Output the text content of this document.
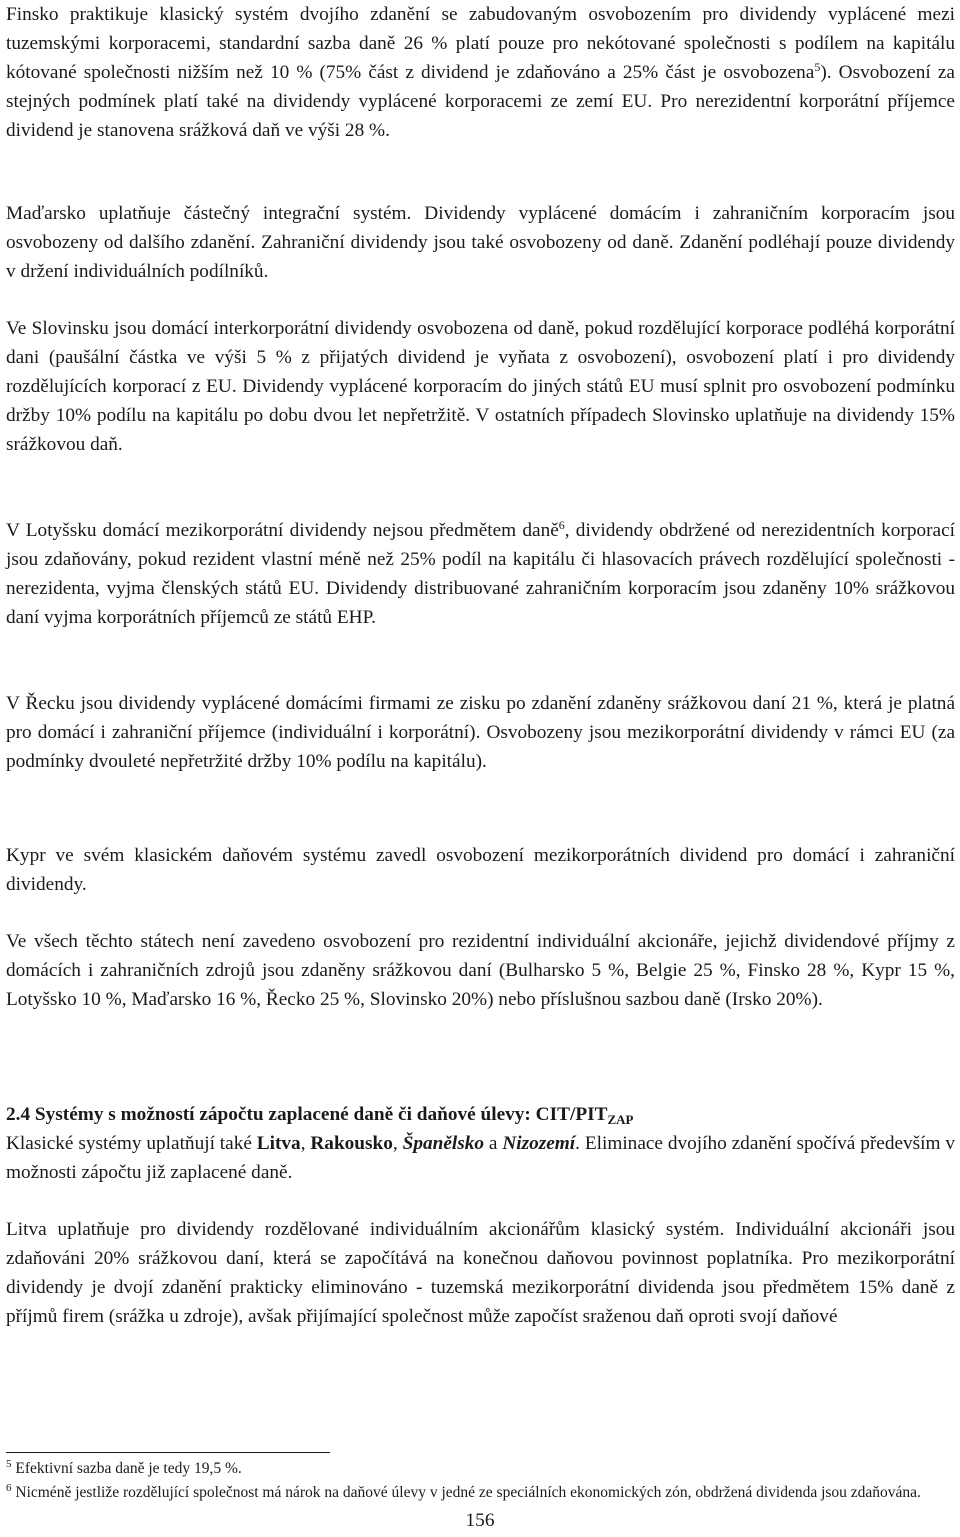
Finsko praktikuje klasický systém dvojího zdanění se zabudovaným osvobozením pro dividendy vyplácené mezi tuzemskými korporacemi, standardní sazba daně 26 % platí pouze pro nekótované společnosti s podílem na kapitálu kótované společnosti nižším než 10 % (75% část z dividend je zdaňováno a 25% část je osvobozena$^5$). Osvobození za stejných podmínek platí také na dividendy vyplácené korporacemi ze zemí EU. Pro nerezidentní korporátní příjemce dividend je stanovena srážková daň ve výši 28 %.

Maďarsko uplatňuje částečný integrační systém. Dividendy vyplácené domácím i zahraničním korporacím jsou osvobozeny od dalšího zdanění. Zahraniční dividendy jsou také osvobozeny od daně. Zdanění podléhají pouze dividendy v držení individuálních podílníků.

Ve Slovinsku jsou domácí interkorporátní dividendy osvobozena od daně, pokud rozdělující korporace podléhá korporátní dani (paušální částka ve výši 5 % z přijatých dividend je vyňata z osvobození), osvobození platí i pro dividendy rozdělujících korporací z EU. Dividendy vyplácené korporacím do jiných států EU musí splnit pro osvobození podmínku držby 10% podílu na kapitálu po dobu dvou let nepřetržitě. V ostatních případech Slovinsko uplatňuje na dividendy 15% srážkovou daň.

V Lotyšsku domácí mezikorporátní dividendy nejsou předmětem daně$^6$, dividendy obdržené od nerezidentních korporací jsou zdaňovány, pokud rezident vlastní méně než 25% podíl na kapitálu či hlasovacích právech rozdělující společnosti - nerezidenta, vyjma členských států EU. Dividendy distribuované zahraničním korporacím jsou zdaněny 10% srážkovou daní vyjma korporátních příjemců ze států EHP.

V Řecku jsou dividendy vyplácené domácími firmami ze zisku po zdanění zdaněny srážkovou daní 21 %, která je platná pro domácí i zahraniční příjemce (individuální i korporátní). Osvobozeny jsou mezikorporátní dividendy v rámci EU (za podmínky dvouleté nepřetržité držby 10% podílu na kapitálu).

Kypr ve svém klasickém daňovém systému zavedl osvobození mezikorporátních dividend pro domácí i zahraniční dividendy.

Ve všech těchto státech není zavedeno osvobození pro rezidentní individuální akcionáře, jejichž dividendové příjmy z domácích i zahraničních zdrojů jsou zdaněny srážkovou daní (Bulharsko 5 %, Belgie 25 %, Finsko 28 %, Kypr 15 %, Lotyšsko 10 %, Maďarsko 16 %, Řecko 25 %, Slovinsko 20%) nebo příslušnou sazbou daně (Irsko 20%).

2.4 Systémy s možností zápočtu zaplacené daně či daňové úlevy: CIT/$PIT_{ZAP}$

Klasické systémy uplatňují také Litva, Rakousko, Španělsko a Nizozemí. Eliminace dvojího zdanění spočívá především v možnosti zápočtu již zaplacené daně.

Litva uplatňuje pro dividendy rozdělované individuálním akcionářům klasický systém. Individuální akcionáři jsou zdaňováni 20% srážkovou daní, která se započítává na konečnou daňovou povinnost poplatníka. Pro mezikorporátní dividendy je dvojí zdanění prakticky eliminováno - tuzemská mezikorporátní dividenda jsou předmětem 15% daně z příjmů firem (srážka u zdroje), avšak přijímající společnost může započíst sraženou daň oproti svojí daňové

$^5$ Efektivní sazba daně je tedy 19,5 %.

$^6$ Nicméně jestliže rozdělující společnost má nárok na daňové úlevy v jedné ze speciálních ekonomických zón, obdržená dividenda jsou zdaňována.

156
